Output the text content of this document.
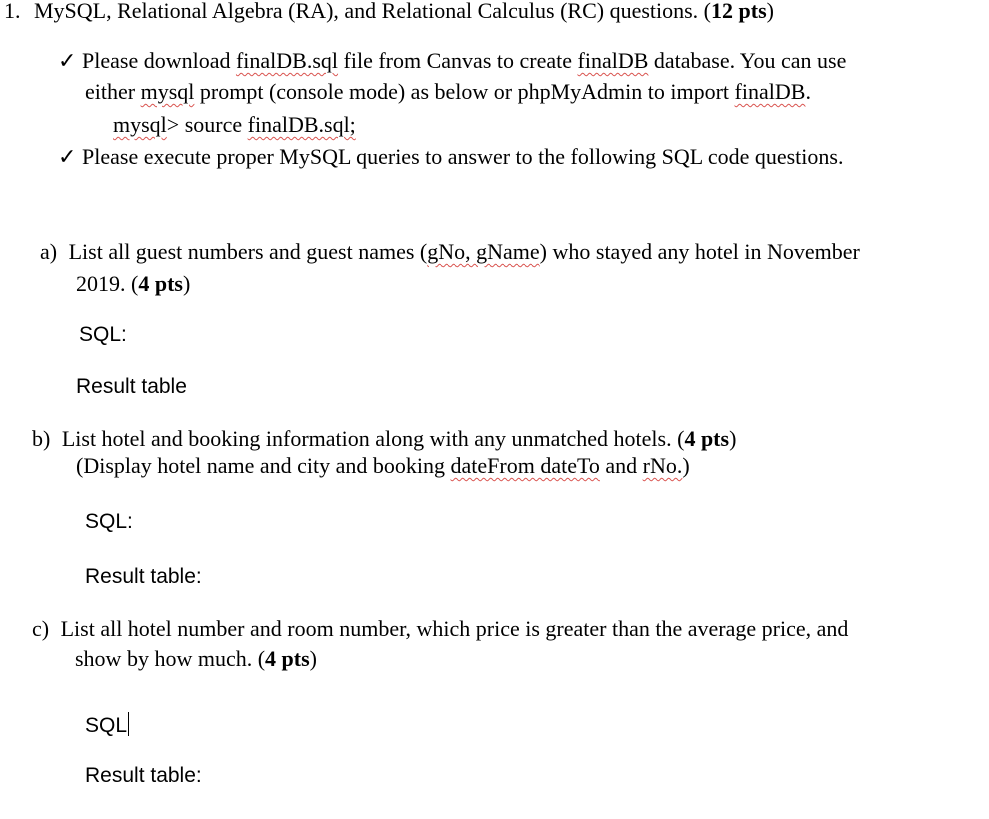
1. MySQL, Relational Algebra (RA), and Relational Calculus (RC) questions. (12 pts)
✓ Please download finalDB.sql file from Canvas to create finalDB database. You can use
either mysql prompt (console mode) as below or phpMyAdmin to import finalDB.
mysql> source finalDB.sql;
✓ Please execute proper MySQL queries to answer to the following SQL code questions.
a) List all guest numbers and guest names (gNo, gName) who stayed any hotel in November
2019. (4 pts)
SQL:
Result table
b) List hotel and booking information along with any unmatched hotels. (4 pts)
(Display hotel name and city and booking dateFrom dateTo and rNo.)
SQL:
Result table:
c) List all hotel number and room number, which price is greater than the average price, and
show by how much. (4 pts)
SQL
Result table:
